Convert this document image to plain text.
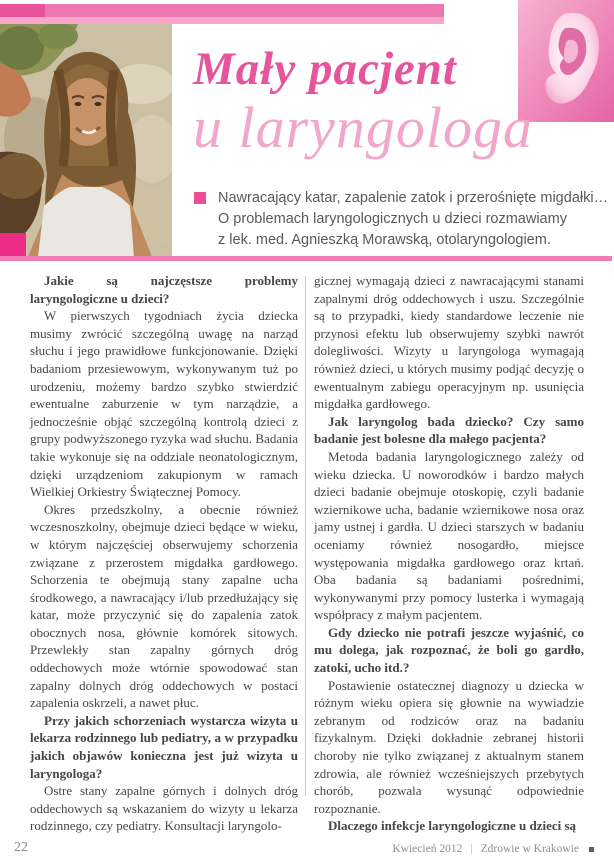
Mały pacjent
u laryngologa
Nawracający katar, zapalenie zatok i przerośnięte migdałki…
O problemach laryngologicznych u dzieci rozmawiamy
z lek. med. Agnieszką Morawską, otolaryngologiem.

Jakie są najczęstsze problemy laryngologiczne u dzieci?

W pierwszych tygodniach życia dziecka musimy zwrócić szczególną uwagę na narząd słuchu i jego prawidłowe funkcjonowanie. Dzięki badaniom przesiewowym, wykonywanym tuż po urodzeniu, możemy bardzo szybko stwierdzić ewentualne zaburzenie w tym narządzie, a jednocześnie objąć szczególną kontrolą dzieci z grupy podwyższonego ryzyka wad słuchu. Badania takie wykonuje się na oddziale neonatologicznym, dzięki urządzeniom zakupionym w ramach Wielkiej Orkiestry Świątecznej Pomocy.

Okres przedszkolny, a obecnie również wczesnoszkolny, obejmuje dzieci będące w wieku, w którym najczęściej obserwujemy schorzenia związane z przerostem migdałka gardłowego. Schorzenia te obejmują stany zapalne ucha środkowego, a nawracający i/lub przedłużający się katar, może przyczynić się do zapalenia zatok obocznych nosa, głównie komórek sitowych. Przewlekły stan zapalny górnych dróg oddechowych może wtórnie spowodować stan zapalny dolnych dróg oddechowych w postaci zapalenia oskrzeli, a nawet płuc.

Przy jakich schorzeniach wystarcza wizyta u lekarza rodzinnego lub pediatry, a w przypadku jakich objawów konieczna jest już wizyta u laryngologa?

Ostre stany zapalne górnych i dolnych dróg oddechowych są wskazaniem do wizyty u lekarza rodzinnego, czy pediatry. Konsultacji laryngolo-

gicznej wymagają dzieci z nawracającymi stanami zapalnymi dróg oddechowych i uszu. Szczególnie są to przypadki, kiedy standardowe leczenie nie przynosi efektu lub obserwujemy szybki nawrót dolegliwości. Wizyty u laryngologa wymagają również dzieci, u których musimy podjąć decyzję o ewentualnym zabiegu operacyjnym np. usunięcia migdałka gardłowego.

Jak laryngolog bada dziecko? Czy samo badanie jest bolesne dla małego pacjenta?

Metoda badania laryngologicznego zależy od wieku dziecka. U noworodków i bardzo małych dzieci badanie obejmuje otoskopię, czyli badanie wziernikowe ucha, badanie wziernikowe nosa oraz jamy ustnej i gardła. U dzieci starszych w badaniu oceniamy również nosogardło, miejsce występowania migdałka gardłowego oraz krtań. Oba badania są badaniami pośrednimi, wykonywanymi przy pomocy lusterka i wymagają współpracy z małym pacjentem.

Gdy dziecko nie potrafi jeszcze wyjaśnić, co mu dolega, jak rozpoznać, że boli go gardło, zatoki, ucho itd.?

Postawienie ostatecznej diagnozy u dziecka w różnym wieku opiera się głownie na wywiadzie zebranym od rodziców oraz na badaniu fizykalnym. Dzięki dokładnie zebranej historii choroby nie tylko związanej z aktualnym stanem zdrowia, ale również wcześniejszych przebytych chorób, pozwala wysunąć odpowiednie rozpoznanie.

Dlaczego infekcje laryngologiczne u dzieci są

22	Kwiecień 2012 | Zdrowie w Krakowie
